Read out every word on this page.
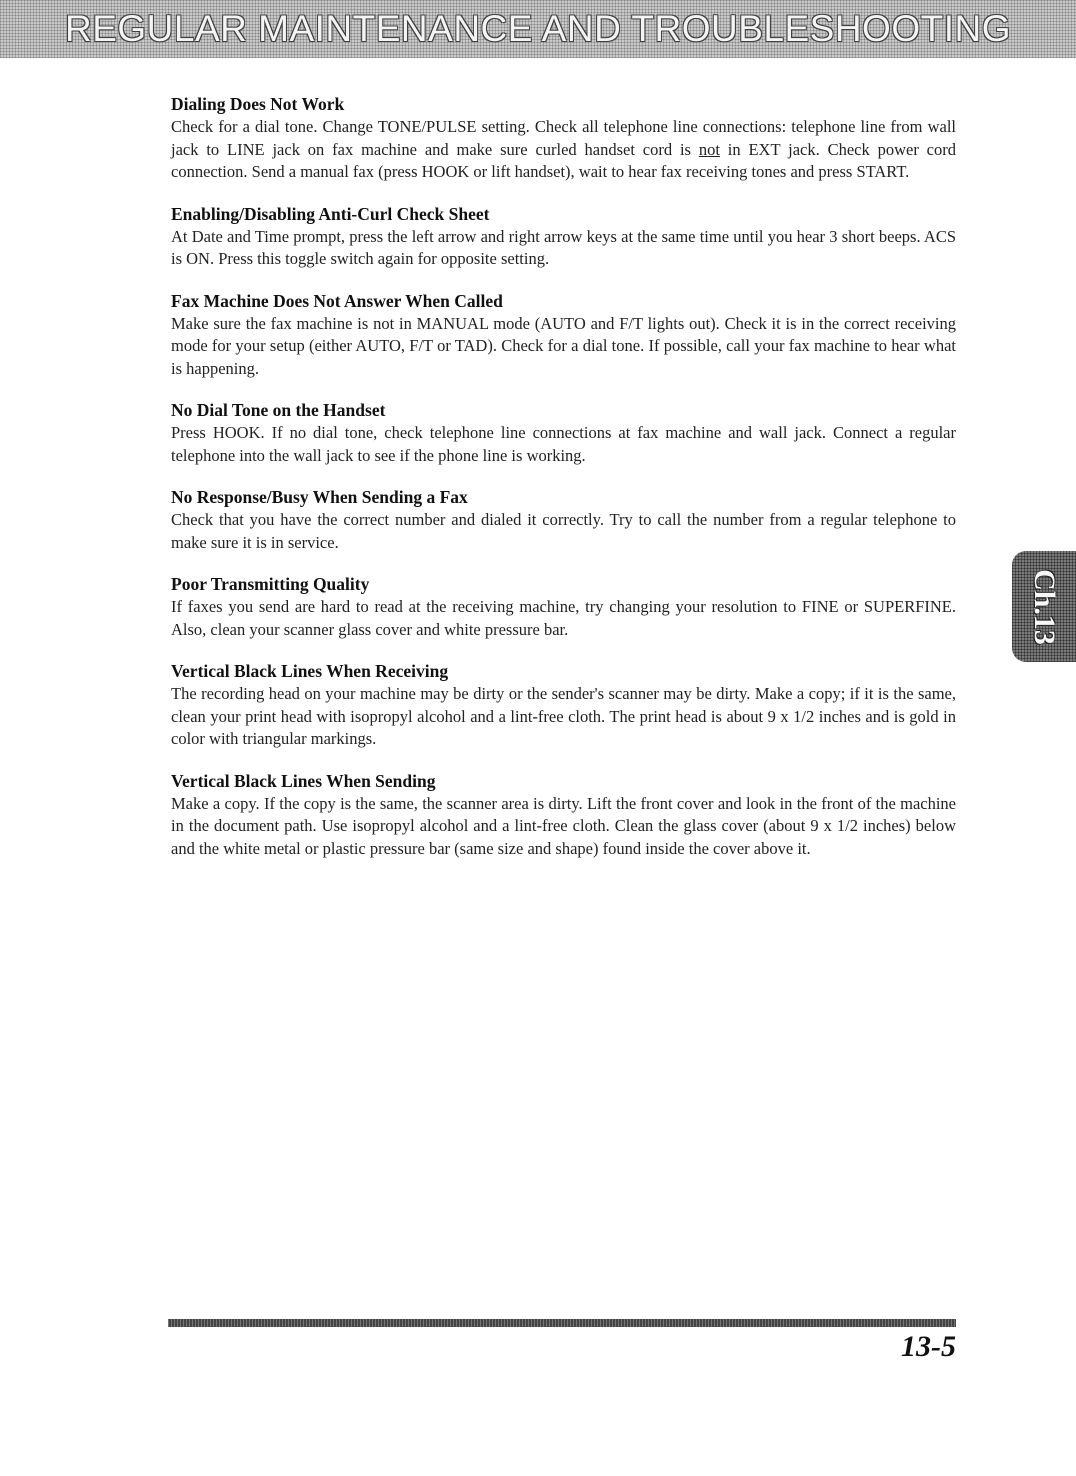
REGULAR MAINTENANCE AND TROUBLESHOOTING

Dialing Does Not Work

Check for a dial tone. Change TONE/PULSE setting. Check all telephone line connections: telephone line from wall jack to LINE jack on fax machine and make sure curled handset cord is not in EXT jack. Check power cord connection. Send a manual fax (press HOOK or lift handset), wait to hear fax receiving tones and press START.

Enabling/Disabling Anti-Curl Check Sheet

At Date and Time prompt, press the left arrow and right arrow keys at the same time until you hear 3 short beeps. ACS is ON. Press this toggle switch again for opposite setting.

Fax Machine Does Not Answer When Called

Make sure the fax machine is not in MANUAL mode (AUTO and F/T lights out). Check it is in the correct receiving mode for your setup (either AUTO, F/T or TAD). Check for a dial tone. If possible, call your fax machine to hear what is happening.

No Dial Tone on the Handset

Press HOOK. If no dial tone, check telephone line connections at fax machine and wall jack. Connect a regular telephone into the wall jack to see if the phone line is working.

No Response/Busy When Sending a Fax

Check that you have the correct number and dialed it correctly. Try to call the number from a regular telephone to make sure it is in service.

Poor Transmitting Quality

If faxes you send are hard to read at the receiving machine, try changing your resolution to FINE or SUPERFINE. Also, clean your scanner glass cover and white pressure bar.

Vertical Black Lines When Receiving

The recording head on your machine may be dirty or the sender's scanner may be dirty. Make a copy; if it is the same, clean your print head with isopropyl alcohol and a lint-free cloth. The print head is about 9 x 1/2 inches and is gold in color with triangular markings.

Vertical Black Lines When Sending

Make a copy. If the copy is the same, the scanner area is dirty. Lift the front cover and look in the front of the machine in the document path. Use isopropyl alcohol and a lint-free cloth. Clean the glass cover (about 9 x 1/2 inches) below and the white metal or plastic pressure bar (same size and shape) found inside the cover above it.

Ch.13
13-5
